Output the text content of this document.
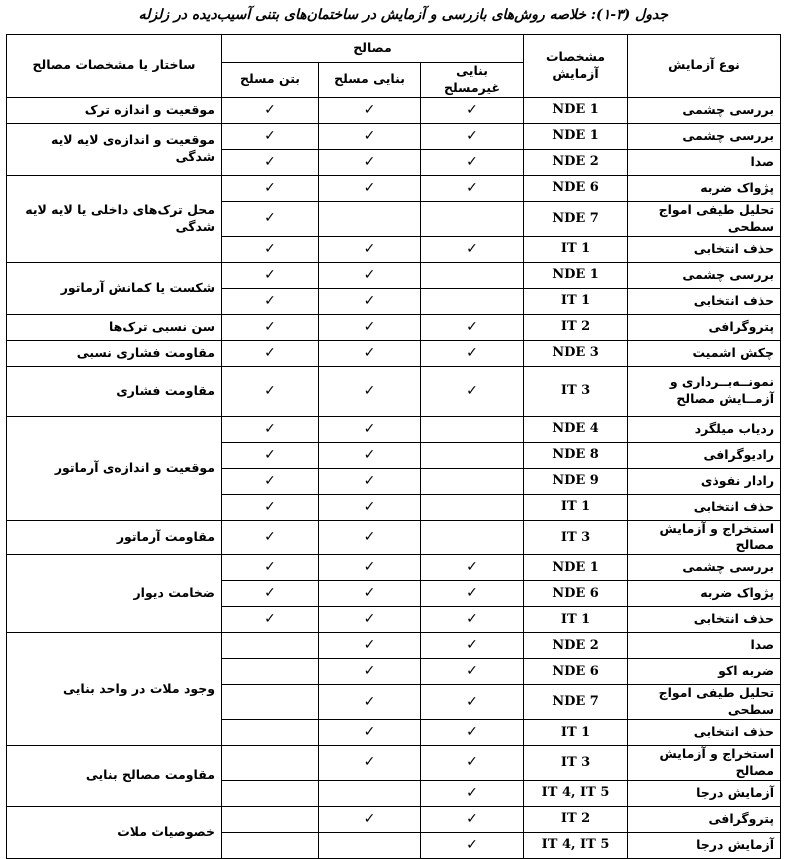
جدول (۳-۱): خلاصه روش‌های بازرسی و آزمایش در ساختمان‌های بتنی آسیب‌دیده در زلزله
نوع آزمایش	مشخصات
آزمایش	مصالح			ساختار یا مشخصات مصالح
		بنایی غیرمسلح	بنایی مسلح	بتن مسلح	
بررسی چشمی	NDE 1	✓	✓	✓	موقعیت و اندازه ترک
بررسی چشمی	NDE 1	✓	✓	✓	موقعیت و اندازه‌ی لایه لایه شدگی
صدا	NDE 2	✓	✓	✓	
پژواک ضربه	NDE 6	✓	✓	✓	محل ترک‌های داخلی یا لایه لایه شدگی
تحلیل طیفی امواج سطحی	NDE 7			✓	
حذف انتخابی	IT 1	✓	✓	✓	
بررسی چشمی	NDE 1		✓	✓	شکست یا کمانش آرماتور
حذف انتخابی	IT 1		✓	✓	
پتروگرافی	IT 2	✓	✓	✓	سن نسبی ترک‌ها
چکش اشمیت	NDE 3	✓	✓	✓	مقاومت فشاری نسبی
نمونــه‌بــرداری و آزمــایش مصالح	IT 3	✓	✓	✓	مقاومت فشاری
ردیاب میلگرد	NDE 4		✓	✓	موقعیت و اندازه‌ی آرماتور
رادیوگرافی	NDE 8		✓	✓	
رادار نفوذی	NDE 9		✓	✓	
حذف انتخابی	IT 1		✓	✓	
استخراج و آزمایش مصالح	IT 3		✓	✓	مقاومت آرماتور
بررسی چشمی	NDE 1	✓	✓	✓	ضخامت دیوار
پژواک ضربه	NDE 6	✓	✓	✓	
حذف انتخابی	IT 1	✓	✓	✓	
صدا	NDE 2	✓	✓		وجود ملات در واحد بنایی
ضربه اکو	NDE 6	✓	✓		
تحلیل طیفی امواج سطحی	NDE 7	✓	✓		
حذف انتخابی	IT 1	✓	✓		
استخراج و آزمایش مصالح	IT 3	✓	✓		مقاومت مصالح بنایی
آزمایش درجا	IT 4, IT 5	✓			
پتروگرافی	IT 2	✓	✓		خصوصیات ملات
آزمایش درجا	IT 4, IT 5	✓			
